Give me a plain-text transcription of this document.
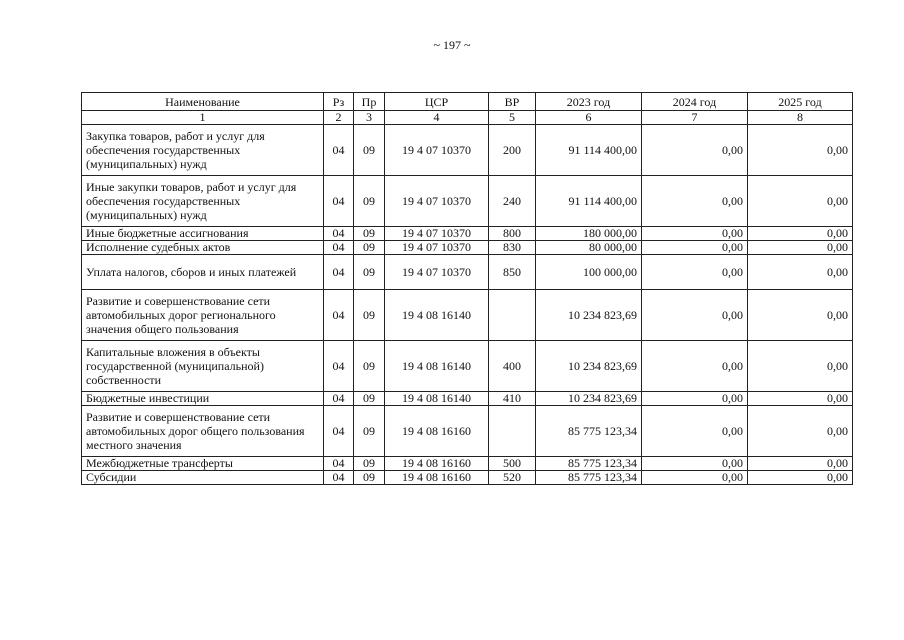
~ 197 ~
Наименование	Рз	Пр	ЦСР	ВР	2023 год	2024 год	2025 год
1	2	3	4	5	6	7	8
Закупка товаров, работ и услуг для обеспечения государственных (муниципальных) нужд	04	09	19 4 07 10370	200	91 114 400,00	0,00	0,00
Иные закупки товаров, работ и услуг для обеспечения государственных (муниципальных) нужд	04	09	19 4 07 10370	240	91 114 400,00	0,00	0,00
Иные бюджетные ассигнования	04	09	19 4 07 10370	800	180 000,00	0,00	0,00
Исполнение судебных актов	04	09	19 4 07 10370	830	80 000,00	0,00	0,00
Уплата налогов, сборов и иных платежей	04	09	19 4 07 10370	850	100 000,00	0,00	0,00
Развитие и совершенствование сети автомобильных дорог регионального значения общего пользования	04	09	19 4 08 16140		10 234 823,69	0,00	0,00
Капитальные вложения в объекты государственной (муниципальной) собственности	04	09	19 4 08 16140	400	10 234 823,69	0,00	0,00
Бюджетные инвестиции	04	09	19 4 08 16140	410	10 234 823,69	0,00	0,00
Развитие и совершенствование сети автомобильных дорог общего пользования местного значения	04	09	19 4 08 16160		85 775 123,34	0,00	0,00
Межбюджетные трансферты	04	09	19 4 08 16160	500	85 775 123,34	0,00	0,00
Субсидии	04	09	19 4 08 16160	520	85 775 123,34	0,00	0,00
